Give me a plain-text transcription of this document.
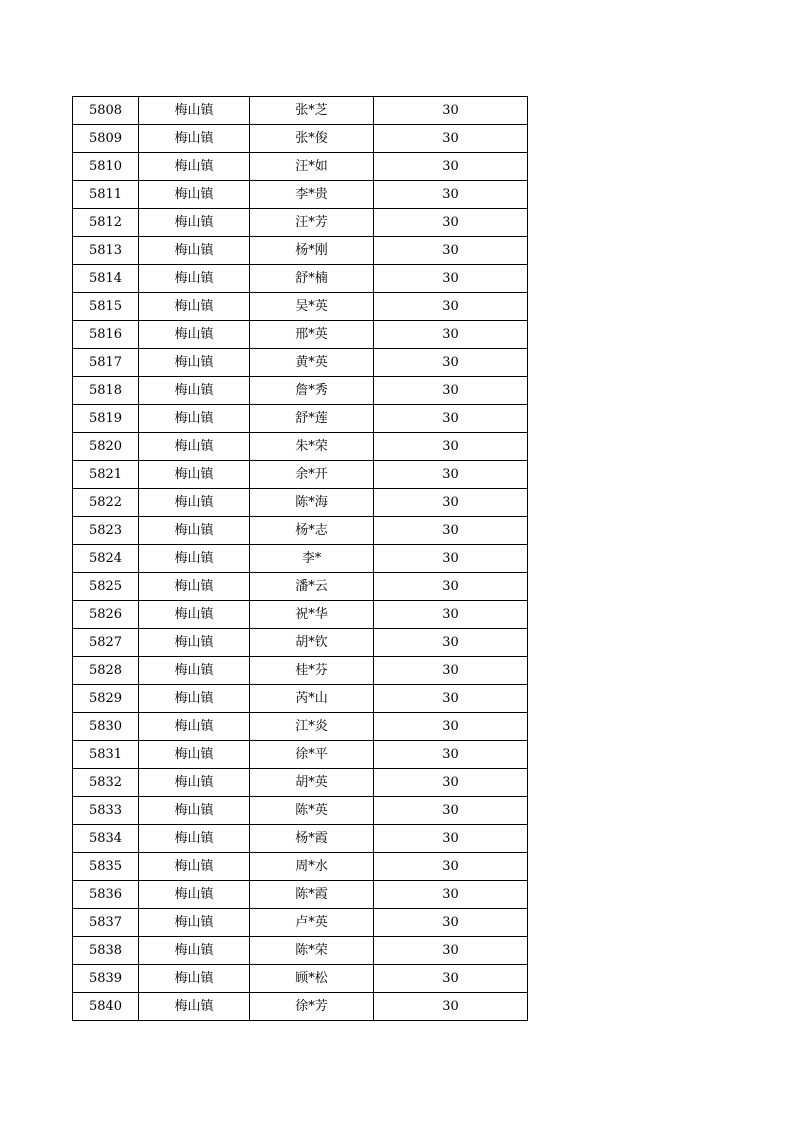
5808	梅山镇	张*芝	30
5809	梅山镇	张*俊	30
5810	梅山镇	汪*如	30
5811	梅山镇	李*贵	30
5812	梅山镇	汪*芳	30
5813	梅山镇	杨*刚	30
5814	梅山镇	舒*楠	30
5815	梅山镇	吴*英	30
5816	梅山镇	邢*英	30
5817	梅山镇	黄*英	30
5818	梅山镇	詹*秀	30
5819	梅山镇	舒*莲	30
5820	梅山镇	朱*荣	30
5821	梅山镇	余*开	30
5822	梅山镇	陈*海	30
5823	梅山镇	杨*志	30
5824	梅山镇	李*	30
5825	梅山镇	潘*云	30
5826	梅山镇	祝*华	30
5827	梅山镇	胡*钦	30
5828	梅山镇	桂*芬	30
5829	梅山镇	芮*山	30
5830	梅山镇	江*炎	30
5831	梅山镇	徐*平	30
5832	梅山镇	胡*英	30
5833	梅山镇	陈*英	30
5834	梅山镇	杨*霞	30
5835	梅山镇	周*水	30
5836	梅山镇	陈*霞	30
5837	梅山镇	卢*英	30
5838	梅山镇	陈*荣	30
5839	梅山镇	顾*松	30
5840	梅山镇	徐*芳	30
